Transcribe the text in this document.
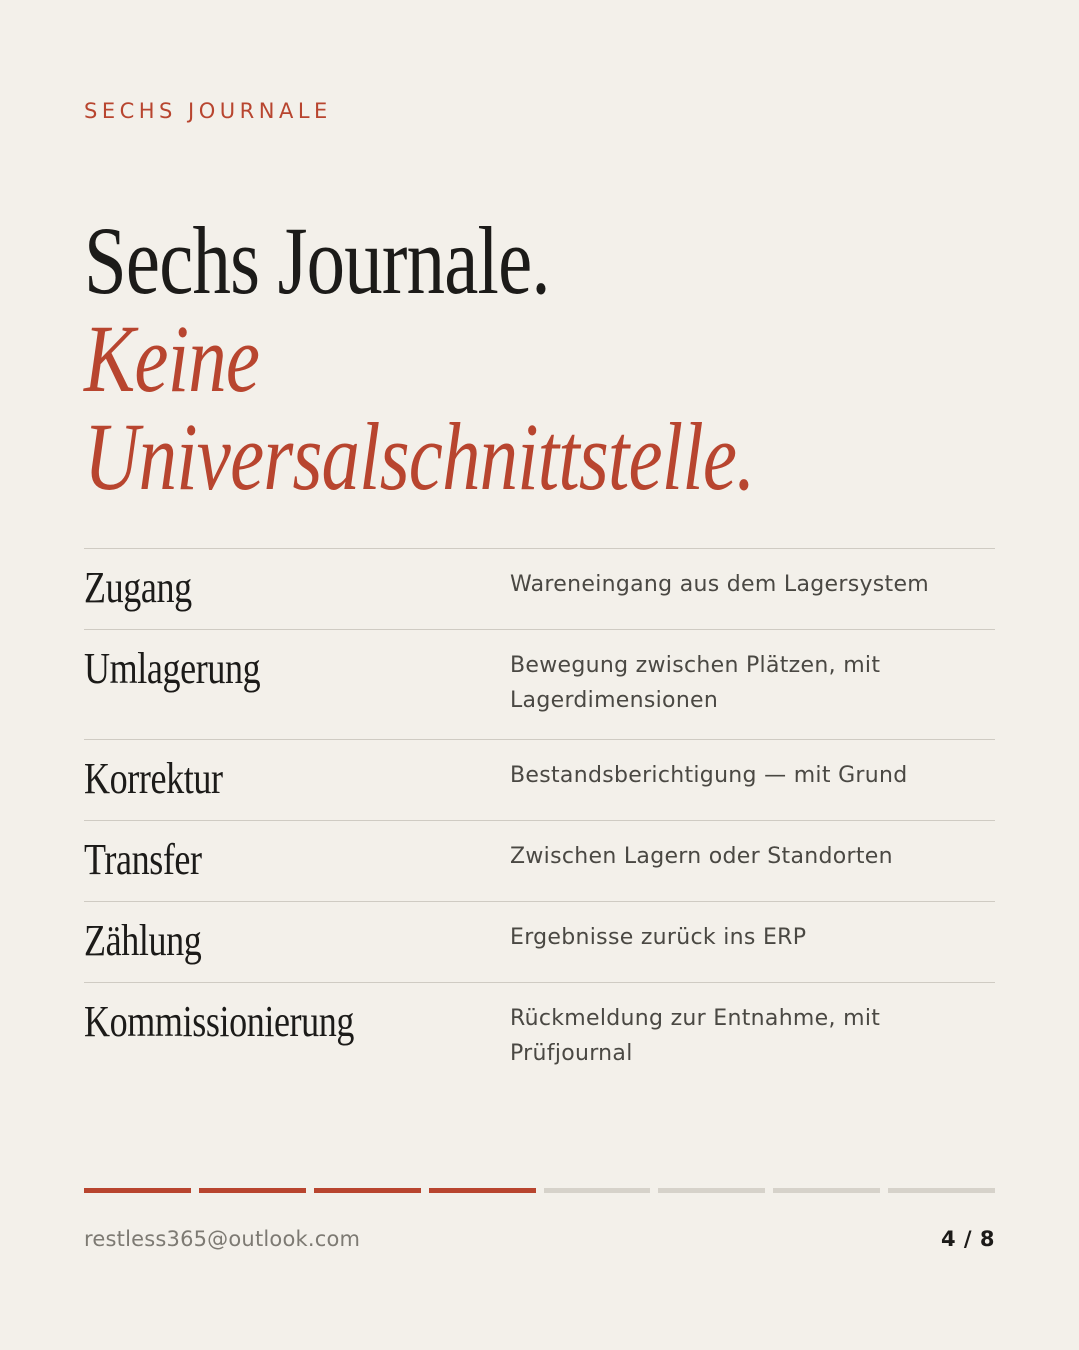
SECHS JOURNALE
Sechs Journale.
Keine
Universalschnittstelle.
Zugang	Wareneingang aus dem Lagersystem
Umlagerung	Bewegung zwischen Plätzen, mit Lagerdimensionen
Korrektur	Bestandsberichtigung — mit Grund
Transfer	Zwischen Lagern oder Standorten
Zählung	Ergebnisse zurück ins ERP
Kommissionierung	Rückmeldung zur Entnahme, mit Prüfjournal
restless365@outlook.com	4 / 8
